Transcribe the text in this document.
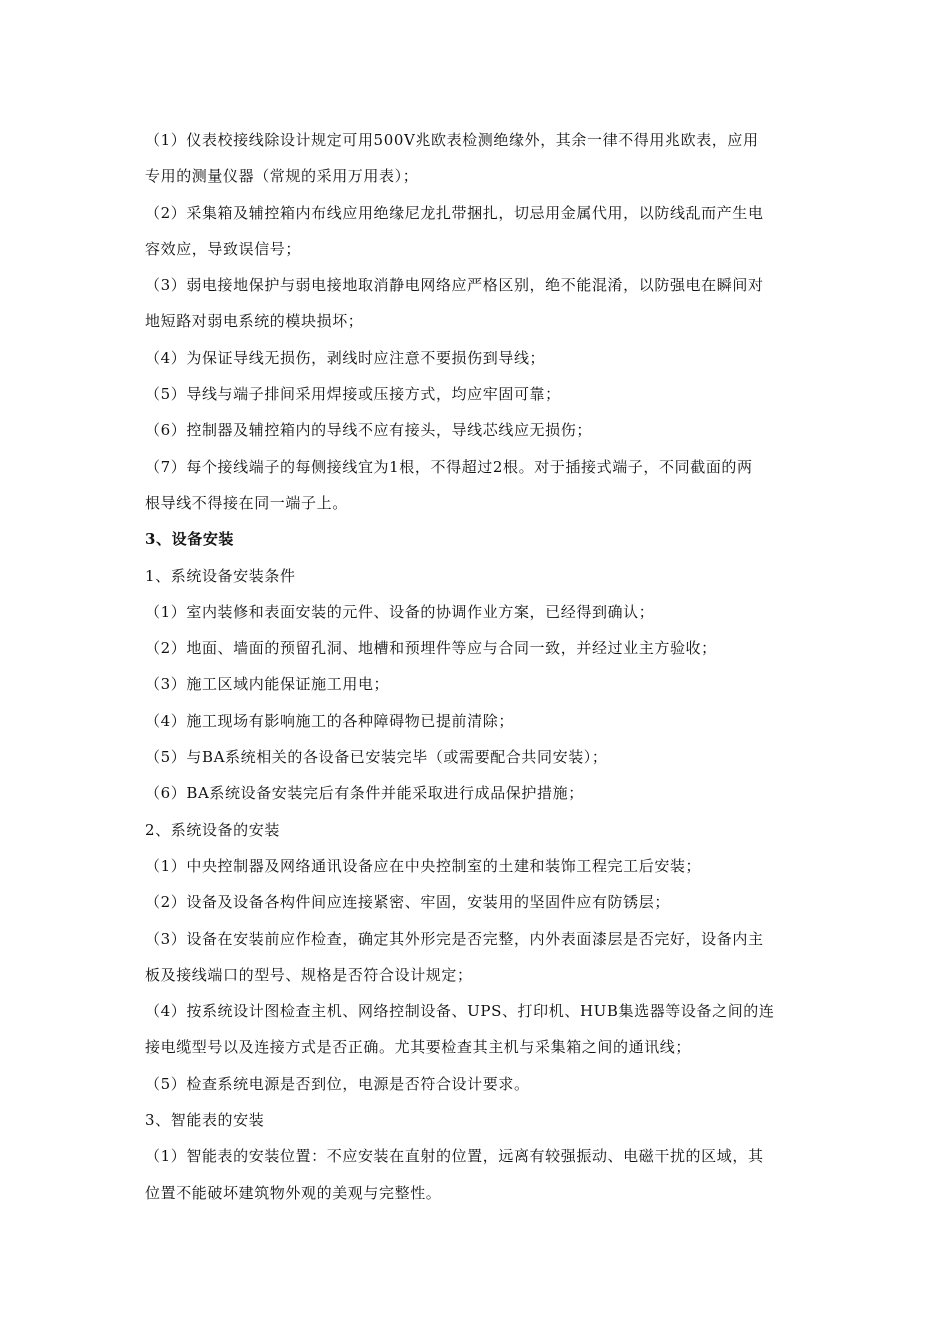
（1）仪表校接线除设计规定可用500V兆欧表检测绝缘外，其余一律不得用兆欧表，应用
专用的测量仪器（常规的采用万用表）；
（2）采集箱及辅控箱内布线应用绝缘尼龙扎带捆扎，切忌用金属代用，以防线乱而产生电
容效应，导致误信号；
（3）弱电接地保护与弱电接地取消静电网络应严格区别，绝不能混淆，以防强电在瞬间对
地短路对弱电系统的模块损坏；
（4）为保证导线无损伤，剥线时应注意不要损伤到导线；
（5）导线与端子排间采用焊接或压接方式，均应牢固可靠；
（6）控制器及辅控箱内的导线不应有接头，导线芯线应无损伤；
（7）每个接线端子的每侧接线宜为1根，不得超过2根。对于插接式端子，不同截面的两
根导线不得接在同一端子上。
3、设备安装
1、系统设备安装条件
（1）室内装修和表面安装的元件、设备的协调作业方案，已经得到确认；
（2）地面、墙面的预留孔洞、地槽和预埋件等应与合同一致，并经过业主方验收；
（3）施工区域内能保证施工用电；
（4）施工现场有影响施工的各种障碍物已提前清除；
（5）与BA系统相关的各设备已安装完毕（或需要配合共同安装）；
（6）BA系统设备安装完后有条件并能采取进行成品保护措施；
2、系统设备的安装
（1）中央控制器及网络通讯设备应在中央控制室的土建和装饰工程完工后安装；
（2）设备及设备各构件间应连接紧密、牢固，安装用的坚固件应有防锈层；
（3）设备在安装前应作检查，确定其外形完是否完整，内外表面漆层是否完好，设备内主
板及接线端口的型号、规格是否符合设计规定；
（4）按系统设计图检查主机、网络控制设备、UPS、打印机、HUB集选器等设备之间的连
接电缆型号以及连接方式是否正确。尤其要检查其主机与采集箱之间的通讯线；
（5）检查系统电源是否到位，电源是否符合设计要求。
3、智能表的安装
（1）智能表的安装位置：不应安装在直射的位置，远离有较强振动、电磁干扰的区域，其
位置不能破坏建筑物外观的美观与完整性。
